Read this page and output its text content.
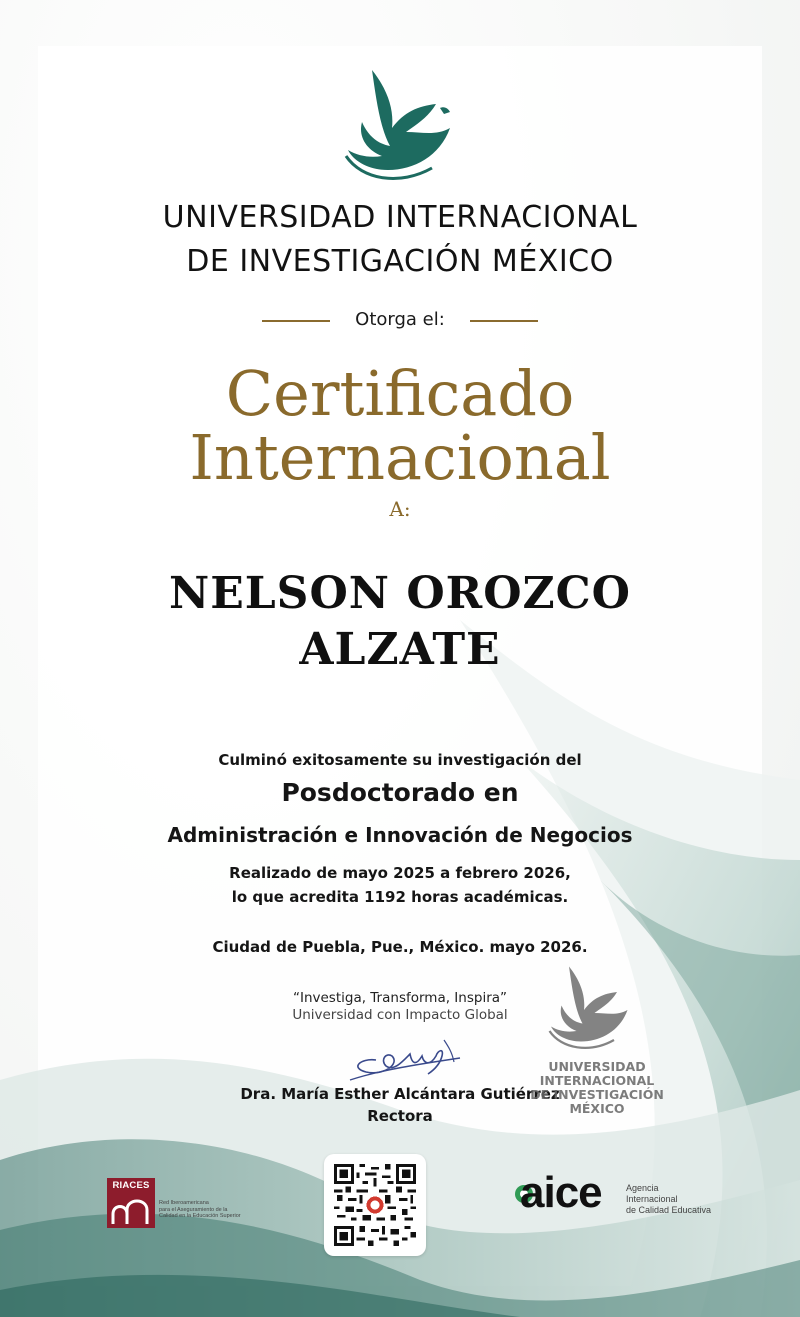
UNIVERSIDAD INTERNACIONAL
DE INVESTIGACIÓN MÉXICO
Otorga el:
Certificado
Internacional
A:
NELSON OROZCO
ALZATE
Culminó exitosamente su investigación del
Posdoctorado en
Administración e Innovación de Negocios
Realizado de mayo 2025 a febrero 2026,
lo que acredita 1192 horas académicas.
Ciudad de Puebla, Pue., México. mayo 2026.
“Investiga, Transforma, Inspira”
Universidad con Impacto Global
Dra. María Esther Alcántara Gutiérrez
Rectora
UNIVERSIDAD
INTERNACIONAL
DE INVESTIGACIÓN
MÉXICO
RIACES
Red Iberoamericana
para el Aseguramiento de la
Calidad en la Educación Superior	aice	Agencia
Internacional
de Calidad Educativa
